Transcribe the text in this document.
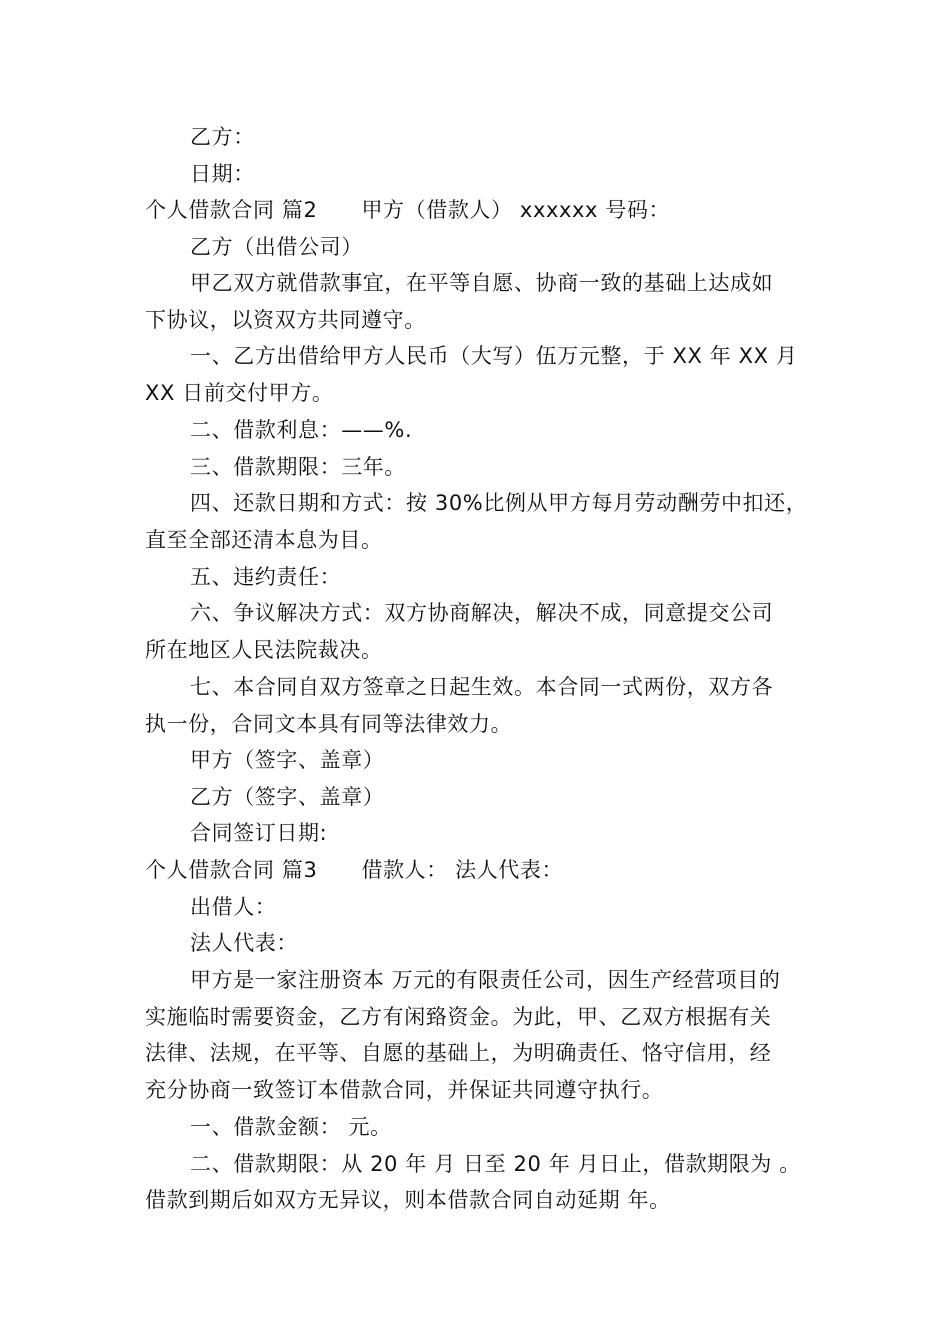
乙方：
日期：
个人借款合同 篇2 甲方（借款人） xxxxxx 号码：
乙方（出借公司）
甲乙双方就借款事宜，在平等自愿、协商一致的基础上达成如
下协议，以资双方共同遵守。
一、乙方出借给甲方人民币（大写）伍万元整，于 XX 年 XX 月
XX 日前交付甲方。
二、借款利息：——%.
三、借款期限：三年。
四、还款日期和方式：按 30%比例从甲方每月劳动酬劳中扣还，
直至全部还清本息为目。
五、违约责任：
六、争议解决方式：双方协商解决，解决不成，同意提交公司
所在地区人民法院裁决。
七、本合同自双方签章之日起生效。本合同一式两份，双方各
执一份，合同文本具有同等法律效力。
甲方（签字、盖章）
乙方（签字、盖章）
合同签订日期:
个人借款合同 篇3 借款人： 法人代表：
出借人：
法人代表：
甲方是一家注册资本 万元的有限责任公司，因生产经营项目的
实施临时需要资金，乙方有闲臵资金。为此，甲、乙双方根据有关
法律、法规，在平等、自愿的基础上，为明确责任、恪守信用，经
充分协商一致签订本借款合同，并保证共同遵守执行。
一、借款金额： 元。
二、借款期限：从 20 年 月 日至 20 年 月日止，借款期限为 。
借款到期后如双方无异议，则本借款合同自动延期 年。
